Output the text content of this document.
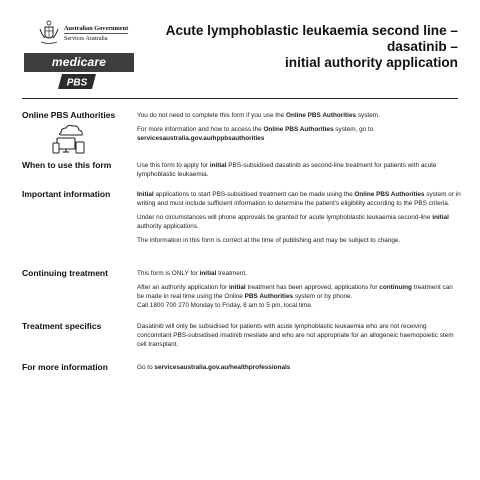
Australian Government
Services Australia
medicare
PBS
Acute lymphoblastic leukaemia second line –
dasatinib –
initial authority application
Online PBS Authorities	You do not need to complete this form if you use the Online PBS Authorities system.

For more information and how to access the Online PBS Authorities system, go to
servicesaustralia.gov.au/hppbsauthorities

When to use this form	Use this form to apply for initial PBS-subsidised dasatinib as second-line treatment for patients with acute lymphoblastic leukaemia.

Important information	Initial applications to start PBS-subsidised treatment can be made using the Online PBS Authorities system or in writing and must include sufficient information to determine the patient's eligibility according to the PBS criteria.

Under no circumstances will phone approvals be granted for acute lymphoblastic leukaemia second-line initial authority applications.

The information in this form is correct at the time of publishing and may be subject to change.

Continuing treatment	This form is ONLY for initial treatment.

After an authority application for initial treatment has been approved, applications for continuing treatment can be made in real time using the Online PBS Authorities system or by phone.

Call 1800 700 270 Monday to Friday, 8 am to 5 pm, local time.

Treatment specifics	Dasatinib will only be subsidised for patients with acute lymphoblastic leukaemia who are not receiving concomitant PBS-subsidised imatinib mesilate and who are not appropriate for an allogeneic haemopoietic stem cell transplant.

For more information	Go to servicesaustralia.gov.au/healthprofessionals
